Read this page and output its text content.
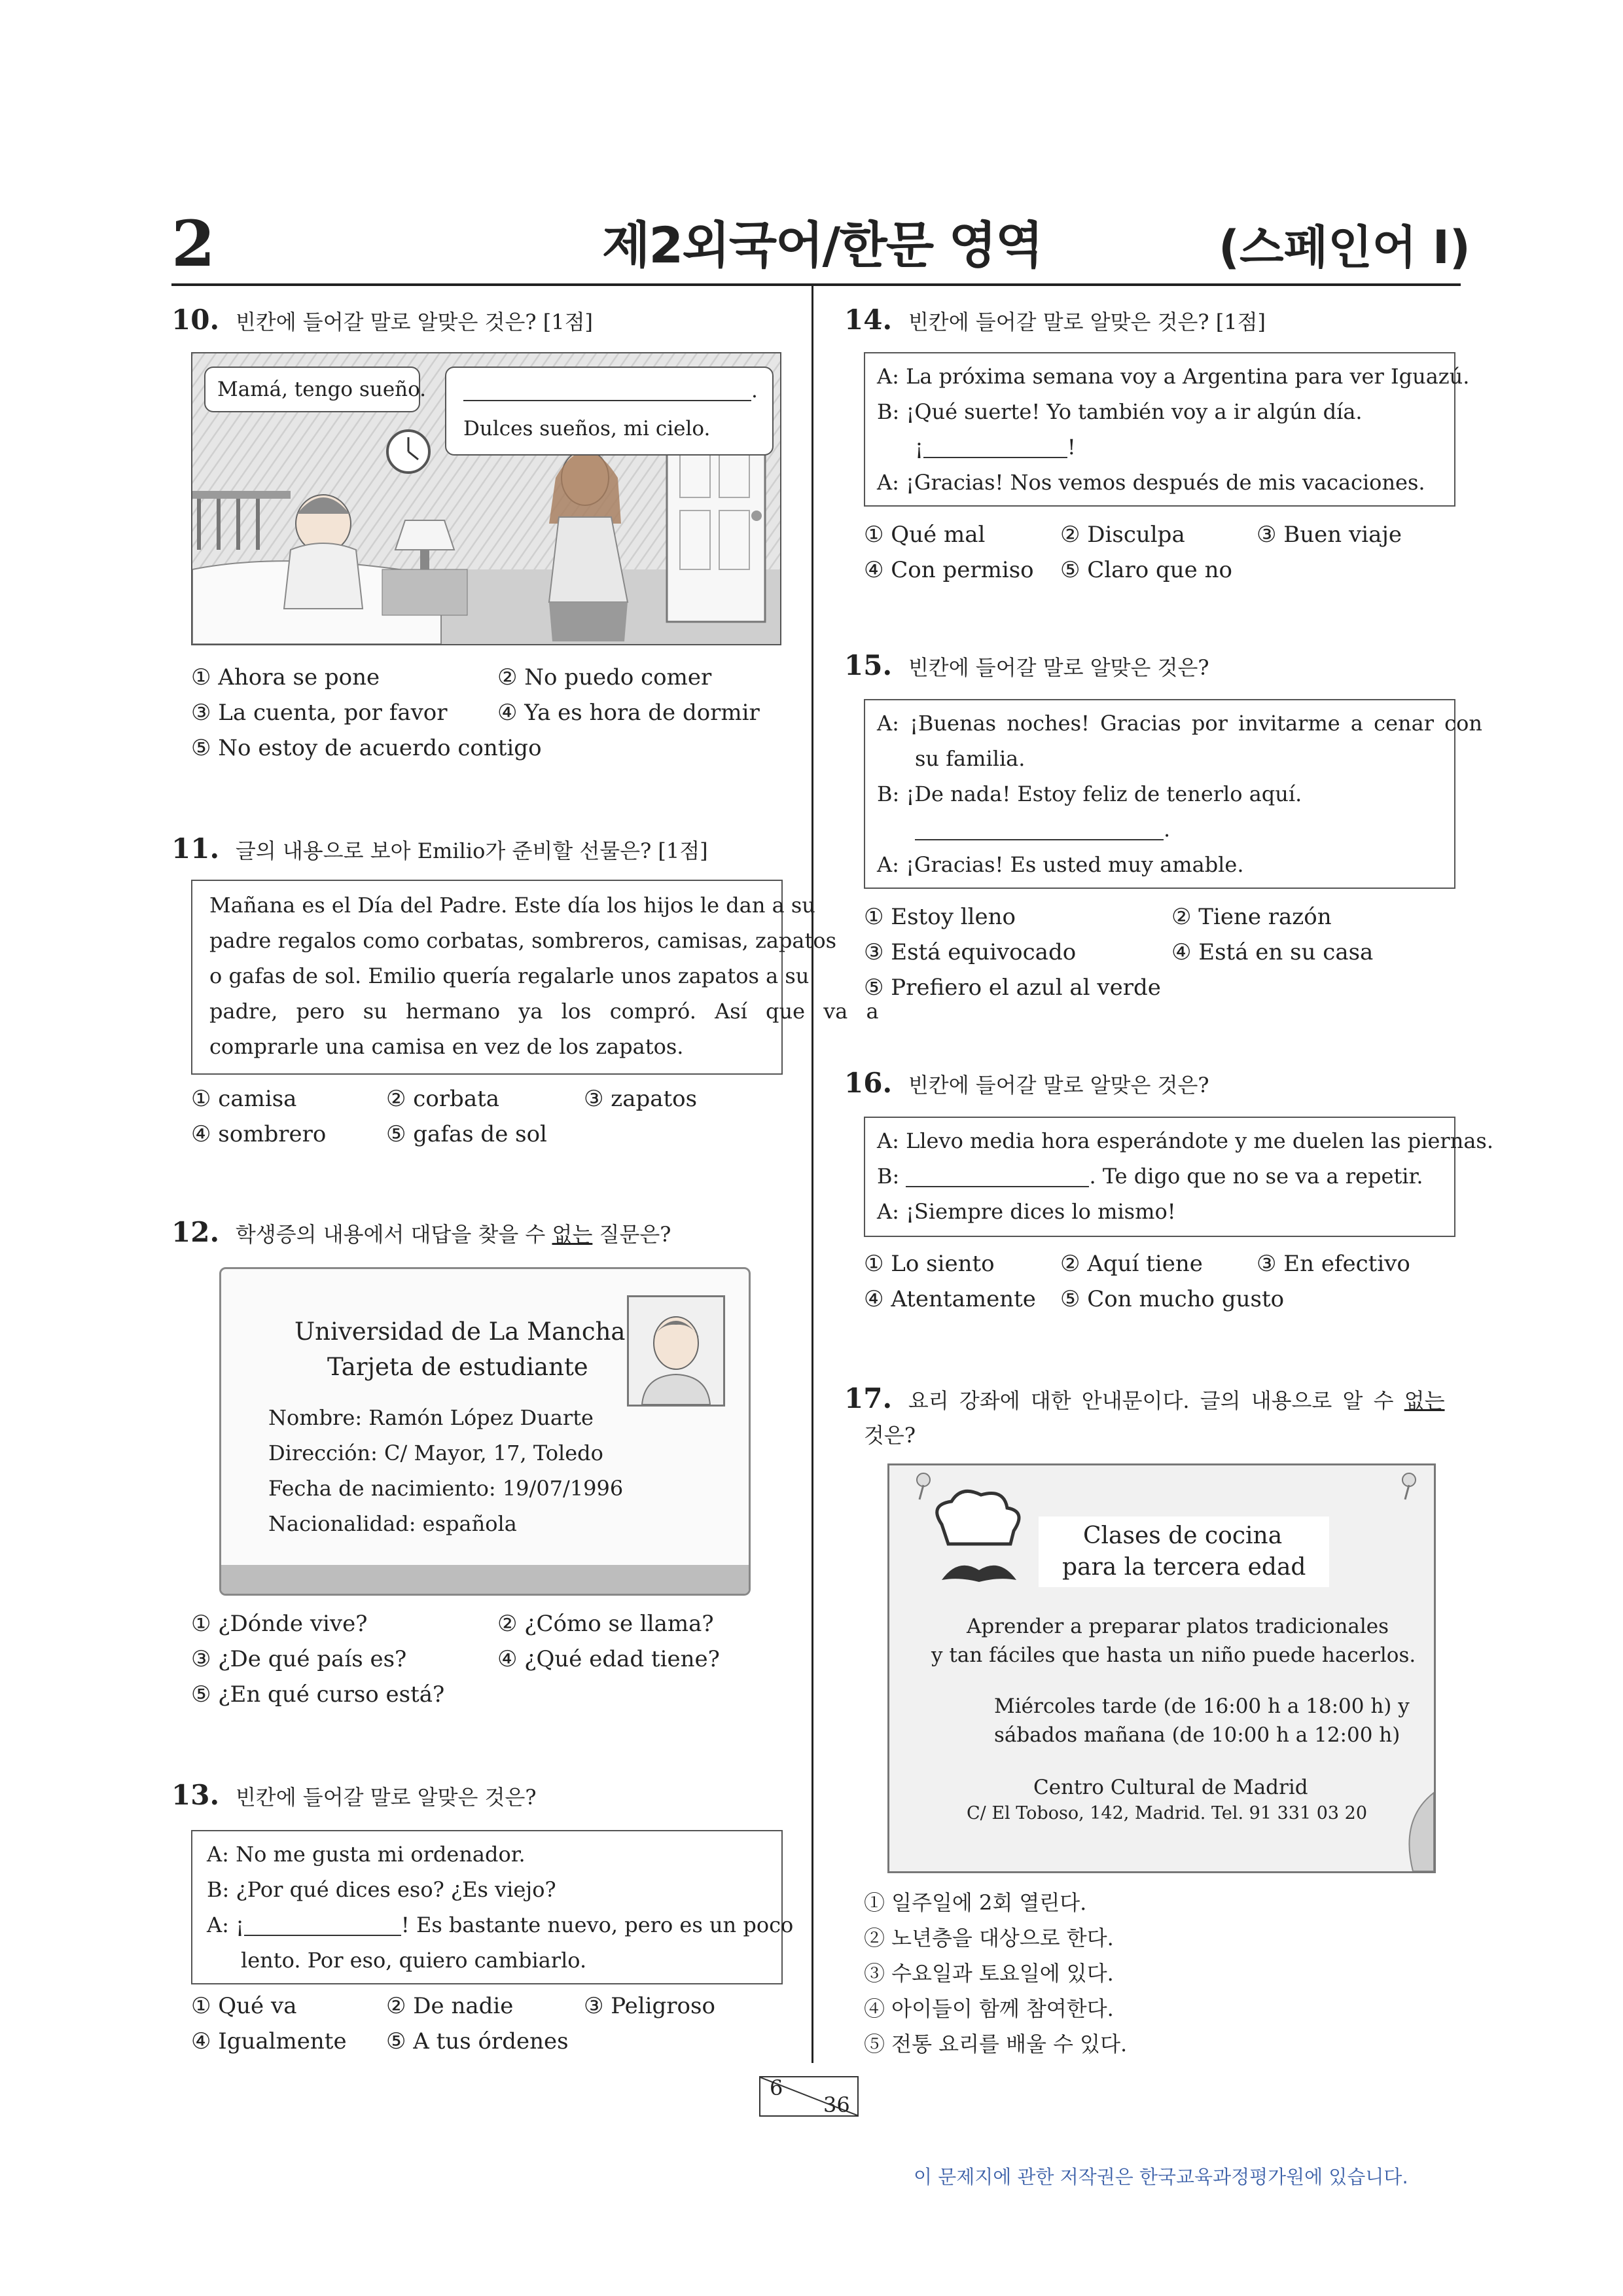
2	제2외국어/한문 영역	(스페인어 I)
10. 빈칸에 들어갈 말로 알맞은 것은? [1점]
Mamá, tengo sueño.	.
Dulces sueños, mi cielo.
① Ahora se pone	② No puedo comer
③ La cuenta, por favor ④ Ya es hora de dormir
⑤ No estoy de acuerdo contigo
11. 글의 내용으로 보아 Emilio가 준비할 선물은? [1점]
Mañana es el Día del Padre. Este día los hijos le dan a su
padre regalos como corbatas, sombreros, camisas, zapatos
o gafas de sol. Emilio quería regalarle unos zapatos a su
padre, pero su hermano ya los compró. Así que va a
comprarle una camisa en vez de los zapatos.
① camisa	② corbata	③ zapatos
④ sombrero	⑤ gafas de sol
12. 학생증의 내용에서 대답을 찾을 수 없는 질문은?
Universidad de La Mancha
Tarjeta de estudiante
Nombre: Ramón López Duarte
Dirección: C/ Mayor, 17, Toledo
Fecha de nacimiento: 19/07/1996
Nacionalidad: española
① ¿Dónde vive?	② ¿Cómo se llama?
③ ¿De qué país es?	④ ¿Qué edad tiene?
⑤ ¿En qué curso está?
13. 빈칸에 들어갈 말로 알맞은 것은?
A: No me gusta mi ordenador.
B: ¿Por qué dices eso? ¿Es viejo?
A: ¡	! Es bastante nuevo, pero es un poco
lento. Por eso, quiero cambiarlo.
① Qué va	② De nadie	③ Peligroso
④ Igualmente ⑤ A tus órdenes
14. 빈칸에 들어갈 말로 알맞은 것은? [1점]
A: La próxima semana voy a Argentina para ver Iguazú.
B: ¡Qué suerte! Yo también voy a ir algún día.
¡	!
A: ¡Gracias! Nos vemos después de mis vacaciones.
① Qué mal	② Disculpa	③ Buen viaje
④ Con permiso ⑤ Claro que no
15. 빈칸에 들어갈 말로 알맞은 것은?
A: ¡Buenas noches! Gracias por invitarme a cenar con
su familia.
B: ¡De nada! Estoy feliz de tenerlo aquí.
.
A: ¡Gracias! Es usted muy amable.
① Estoy lleno	② Tiene razón
③ Está equivocado	④ Está en su casa
⑤ Prefiero el azul al verde
16. 빈칸에 들어갈 말로 알맞은 것은?
A: Llevo media hora esperándote y me duelen las piernas.
B:	. Te digo que no se va a repetir.
A: ¡Siempre dices lo mismo!
① Lo siento	② Aquí tiene ③ En efectivo
④ Atentamente ⑤ Con mucho gusto
17. 요리 강좌에 대한 안내문이다. 글의 내용으로 알 수 없는
것은?
Clases de cocina
para la tercera edad
Aprender a preparar platos tradicionales
y tan fáciles que hasta un niño puede hacerlos.
Miércoles tarde (de 16:00 h a 18:00 h) y
sábados mañana (de 10:00 h a 12:00 h)
Centro Cultural de Madrid
C/ El Toboso, 142, Madrid. Tel. 91 331 03 20
① 일주일에 2회 열린다.
② 노년층을 대상으로 한다.
③ 수요일과 토요일에 있다.
④ 아이들이 함께 참여한다.
⑤ 전통 요리를 배울 수 있다.
6
36
이 문제지에 관한 저작권은 한국교육과정평가원에 있습니다.
